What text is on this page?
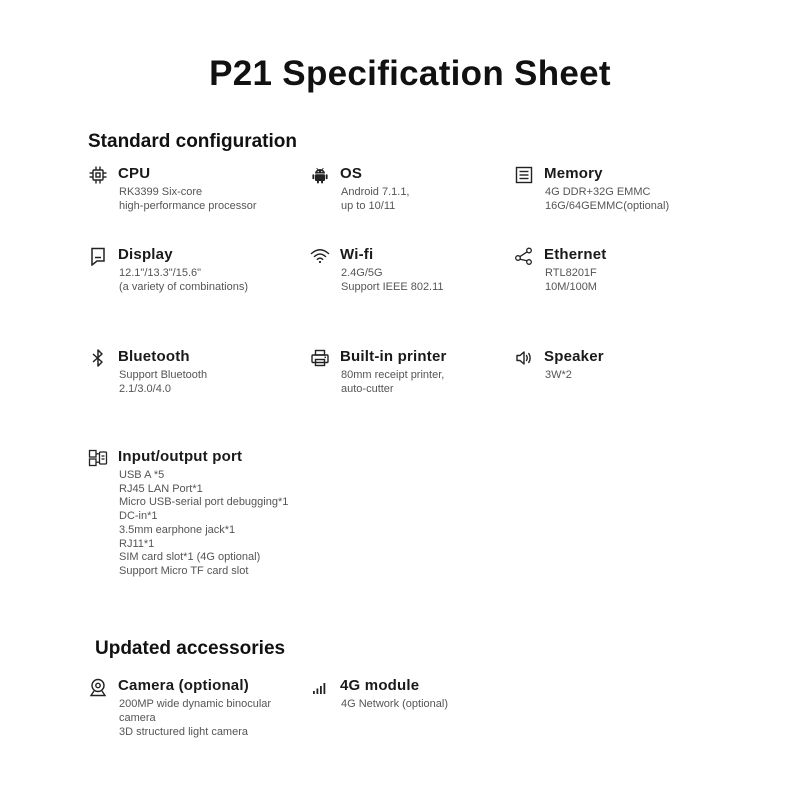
P21 Specification Sheet
Standard configuration
CPU
RK3399 Six-core
high-performance processor
OS
Android 7.1.1,
up to 10/11
Memory
4G DDR+32G EMMC
16G/64GEMMC(optional)
Display
12.1"/13.3"/15.6"
(a variety of combinations)
Wi-fi
2.4G/5G
Support IEEE 802.11
Ethernet
RTL8201F
10M/100M
Bluetooth
Support Bluetooth
2.1/3.0/4.0
Built-in printer
80mm receipt printer,
auto-cutter
Speaker
3W*2
Input/output port
USB A *5
RJ45 LAN Port*1
Micro USB-serial port debugging*1
DC-in*1
3.5mm earphone jack*1
RJ11*1
SIM card slot*1 (4G optional)
Support Micro TF card slot
Updated accessories
Camera (optional)
200MP wide dynamic binocular
camera
3D structured light camera
4G module
4G Network (optional)
